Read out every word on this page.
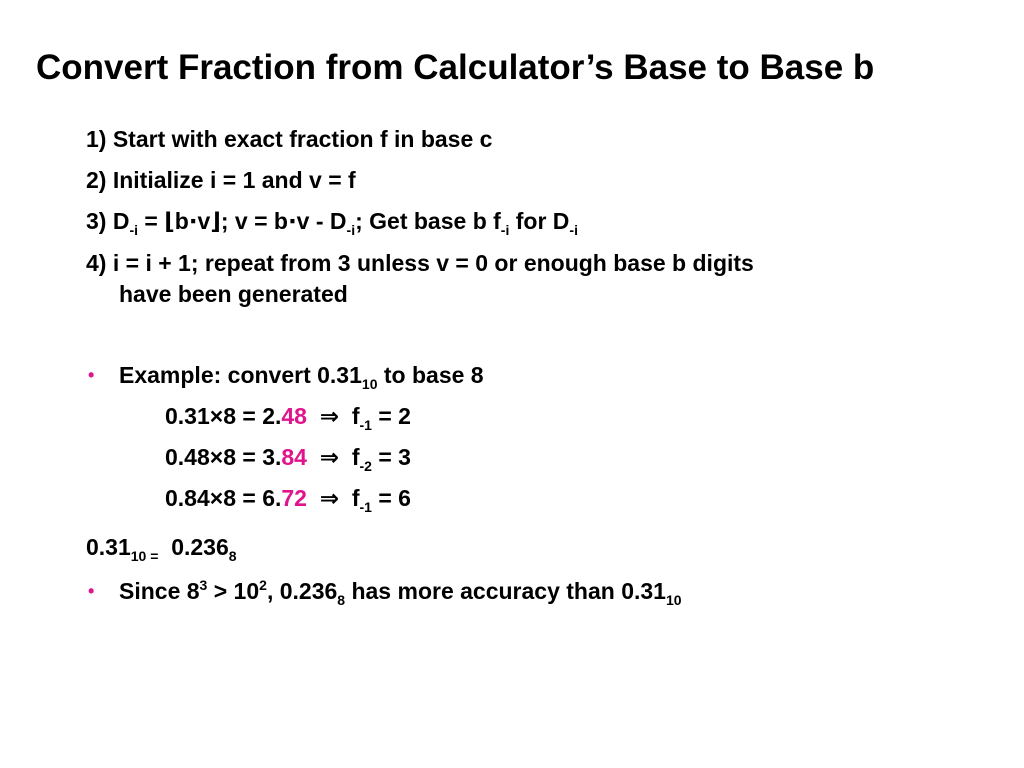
Convert Fraction from Calculator’s Base to Base b
1) Start with exact fraction f in base c
2) Initialize i = 1 and v = f
3) $D_{-i}$ = ⌊b⋅v⌋; $v = b\cdot v - D_{-i}$; Get base b $f_{-i}$ for $D_{-i}$
4) i = i + 1; repeat from 3 unless v = 0 or enough base b digits
have been generated
• Example: convert $0.31_{10}$ to base 8
0.31×8 = 2.48 ⇒ $f_{-1} = 2$
0.48×8 = 3.84 ⇒ $f_{-2} = 3$
0.84×8 = 6.72 ⇒ $f_{-1} = 6$
$0.31_{10 =}$ $0.236_8$
• Since $8^3 > 10^2$, $0.236_8$ has more accuracy than $0.31_{10}$
